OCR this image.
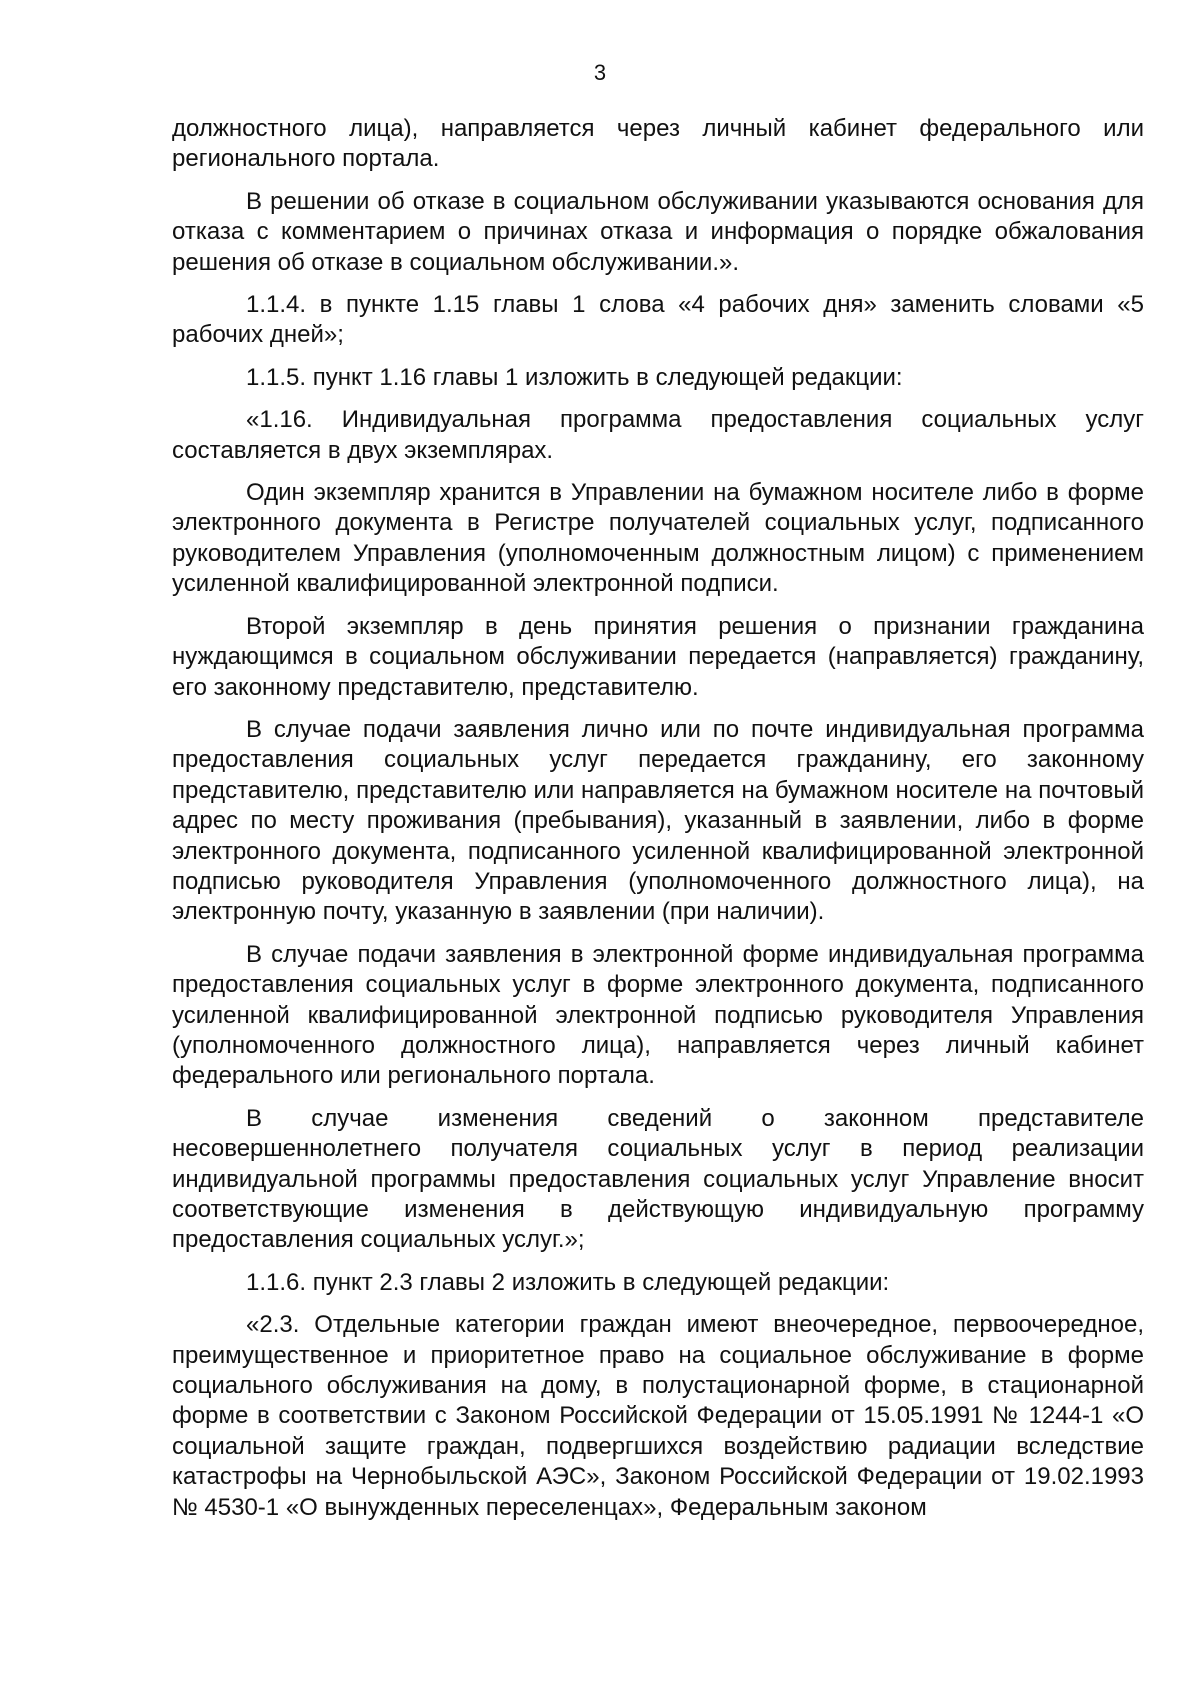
3

должностного лица), направляется через личный кабинет федерального или регионального портала.

В решении об отказе в социальном обслуживании указываются основания для отказа с комментарием о причинах отказа и информация о порядке обжалования решения об отказе в социальном обслуживании.».

1.1.4. в пункте 1.15 главы 1 слова «4 рабочих дня» заменить словами «5 рабочих дней»;

1.1.5. пункт 1.16 главы 1 изложить в следующей редакции:

«1.16. Индивидуальная программа предоставления социальных услуг составляется в двух экземплярах.

Один экземпляр хранится в Управлении на бумажном носителе либо в форме электронного документа в Регистре получателей социальных услуг, подписанного руководителем Управления (уполномоченным должностным лицом) с применением усиленной квалифицированной электронной подписи.

Второй экземпляр в день принятия решения о признании гражданина нуждающимся в социальном обслуживании передается (направляется) гражданину, его законному представителю, представителю.

В случае подачи заявления лично или по почте индивидуальная программа предоставления социальных услуг передается гражданину, его законному представителю, представителю или направляется на бумажном носителе на почтовый адрес по месту проживания (пребывания), указанный в заявлении, либо в форме электронного документа, подписанного усиленной квалифицированной электронной подписью руководителя Управления (уполномоченного должностного лица), на электронную почту, указанную в заявлении (при наличии).

В случае подачи заявления в электронной форме индивидуальная программа предоставления социальных услуг в форме электронного документа, подписанного усиленной квалифицированной электронной подписью руководителя Управления (уполномоченного должностного лица), направляется через личный кабинет федерального или регионального портала.

В случае изменения сведений о законном представителе несовершеннолетнего получателя социальных услуг в период реализации индивидуальной программы предоставления социальных услуг Управление вносит соответствующие изменения в действующую индивидуальную программу предоставления социальных услуг.»;

1.1.6. пункт 2.3 главы 2 изложить в следующей редакции:

«2.3. Отдельные категории граждан имеют внеочередное, первоочередное, преимущественное и приоритетное право на социальное обслуживание в форме социального обслуживания на дому, в полустационарной форме, в стационарной форме в соответствии с Законом Российской Федерации от 15.05.1991 № 1244-1 «О социальной защите граждан, подвергшихся воздействию радиации вследствие катастрофы на Чернобыльской АЭС», Законом Российской Федерации от 19.02.1993 № 4530-1 «О вынужденных переселенцах», Федеральным законом
